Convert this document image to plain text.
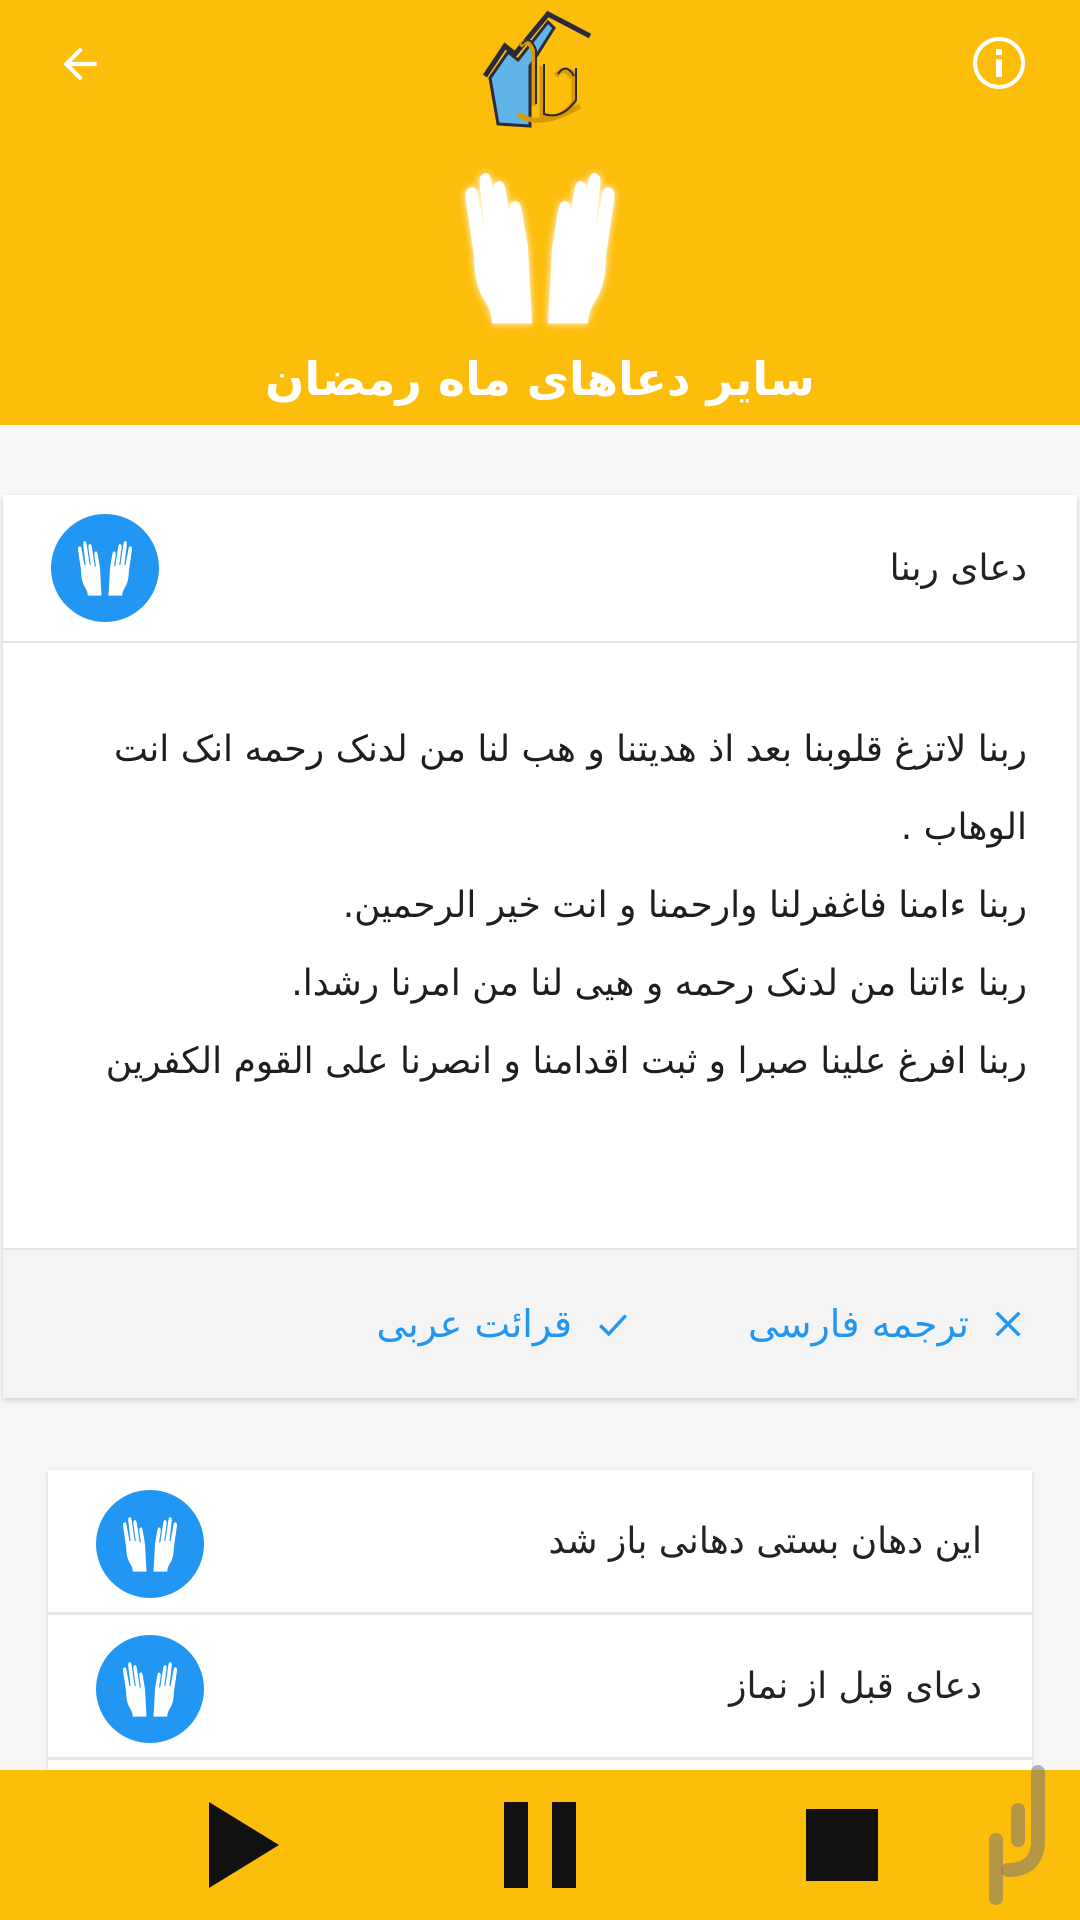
سایر دعاهای ماه رمضان
دعای ربنا
ربنا لاتزغ قلوبنا بعد اذ هدیتنا و هب لنا من لدنک رحمه انک انت الوهاب .
ربنا ءامنا فاغفرلنا وارحمنا و انت خیر الرحمین.
ربنا ءاتنا من لدنک رحمه و هیی لنا من امرنا رشدا.
ربنا افرغ علینا صبرا و ثبت اقدامنا و انصرنا علی القوم الکفرین
ترجمه فارسی
قرائت عربی
این دهان بستی دهانی باز شد
دعای قبل از نماز
